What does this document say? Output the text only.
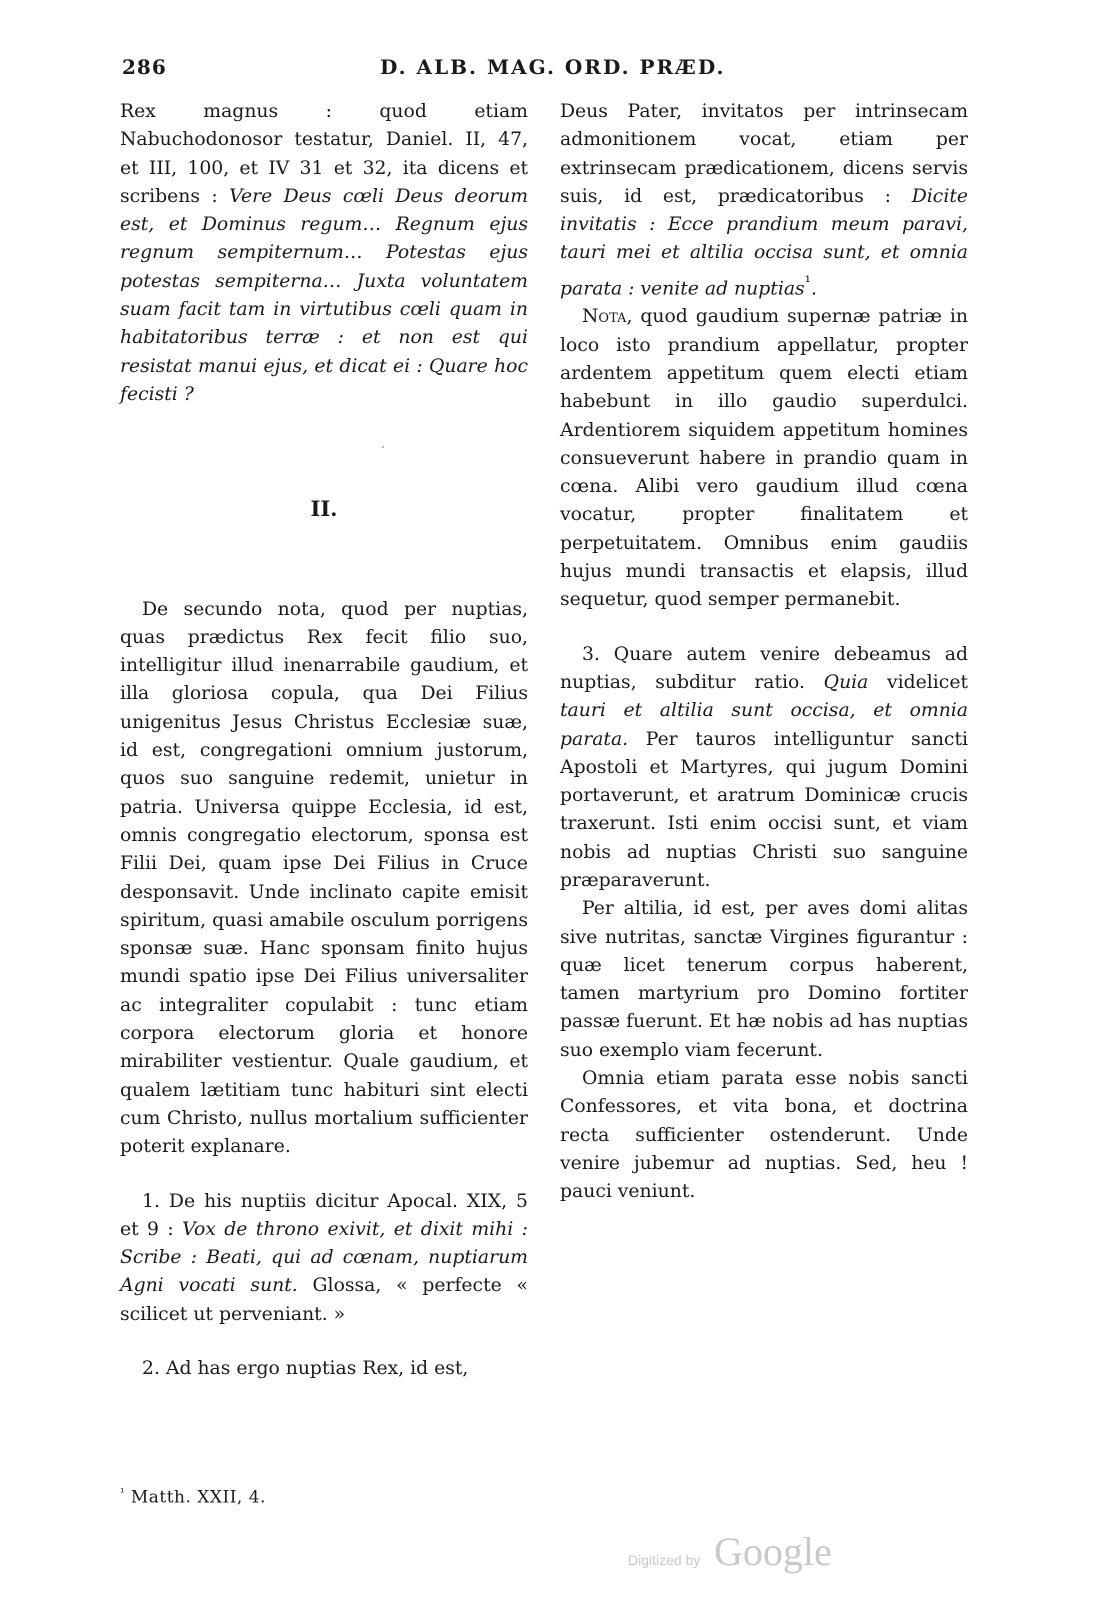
286	D. ALB. MAG. ORD. PRÆD.

Rex magnus : quod etiam Nabuchodonosor testatur, Daniel. II, 47, et III, 100, et IV 31 et 32, ita dicens et scribens : Vere Deus cœli Deus deorum est, et Dominus regum… Regnum ejus regnum sempiternum… Potestas ejus potestas sempiterna… Juxta voluntatem suam facit tam in virtutibus cœli quam in habitatoribus terræ : et non est qui resistat manui ejus, et dicat ei : Quare hoc fecisti ?

II.

De secundo nota, quod per nuptias, quas prædictus Rex fecit filio suo, intelligitur illud inenarrabile gaudium, et illa gloriosa copula, qua Dei Filius unigenitus Jesus Christus Ecclesiæ suæ, id est, congregationi omnium justorum, quos suo sanguine redemit, unietur in patria. Universa quippe Ecclesia, id est, omnis congregatio electorum, sponsa est Filii Dei, quam ipse Dei Filius in Cruce desponsavit. Unde inclinato capite emisit spiritum, quasi amabile osculum porrigens sponsæ suæ. Hanc sponsam finito hujus mundi spatio ipse Dei Filius universaliter ac integraliter copulabit : tunc etiam corpora electorum gloria et honore mirabiliter vestientur. Quale gaudium, et qualem lætitiam tunc habituri sint electi cum Christo, nullus mortalium sufficienter poterit explanare.

1. De his nuptiis dicitur Apocal. XIX, 5 et 9 : Vox de throno exivit, et dixit mihi : Scribe : Beati, qui ad cœnam, nuptiarum Agni vocati sunt. Glossa, « perfecte « scilicet ut perveniant. »

2. Ad has ergo nuptias Rex, id est,

Deus Pater, invitatos per intrinsecam admonitionem vocat, etiam per extrinsecam prædicationem, dicens servis suis, id est, prædicatoribus : Dicite invitatis : Ecce prandium meum paravi, tauri mei et altilia occisa sunt, et omnia parata : venite ad nuptias$^{^1}$.

Nota, quod gaudium supernæ patriæ in loco isto prandium appellatur, propter ardentem appetitum quem electi etiam habebunt in illo gaudio superdulci. Ardentiorem siquidem appetitum homines consueverunt habere in prandio quam in cœna. Alibi vero gaudium illud cœna vocatur, propter finalitatem et perpetuitatem. Omnibus enim gaudiis hujus mundi transactis et elapsis, illud sequetur, quod semper permanebit.

3. Quare autem venire debeamus ad nuptias, subditur ratio. Quia videlicet tauri et altilia sunt occisa, et omnia parata. Per tauros intelliguntur sancti Apostoli et Martyres, qui jugum Domini portaverunt, et aratrum Dominicæ crucis traxerunt. Isti enim occisi sunt, et viam nobis ad nuptias Christi suo sanguine præparaverunt.

Per altilia, id est, per aves domi alitas sive nutritas, sanctæ Virgines figurantur : quæ licet tenerum corpus haberent, tamen martyrium pro Domino fortiter passæ fuerunt. Et hæ nobis ad has nuptias suo exemplo viam fecerunt.

Omnia etiam parata esse nobis sancti Confessores, et vita bona, et doctrina recta sufficienter ostenderunt. Unde venire jubemur ad nuptias. Sed, heu ! pauci veniunt.

$^{^1}$ Matth. XXII, 4.
Digitized by Google
